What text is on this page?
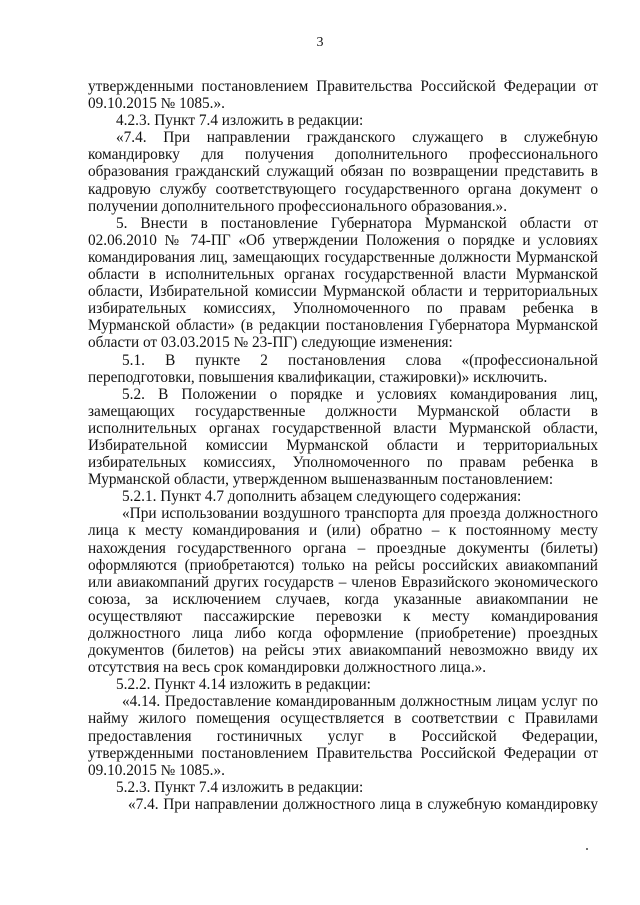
3
утвержденными постановлением Правительства Российской Федерации от
09.10.2015 № 1085.».
4.2.3. Пункт 7.4 изложить в редакции:
«7.4. При направлении гражданского служащего в служебную
командировку для получения дополнительного профессионального
образования гражданский служащий обязан по возвращении представить в
кадровую службу соответствующего государственного органа документ о
получении дополнительного профессионального образования.».
5. Внести в постановление Губернатора Мурманской области от
02.06.2010 № 74-ПГ «Об утверждении Положения о порядке и условиях
командирования лиц, замещающих государственные должности Мурманской
области в исполнительных органах государственной власти Мурманской
области, Избирательной комиссии Мурманской области и территориальных
избирательных комиссиях, Уполномоченного по правам ребенка в
Мурманской области» (в редакции постановления Губернатора Мурманской
области от 03.03.2015 № 23-ПГ) следующие изменения:
5.1. В пункте 2 постановления слова «(профессиональной
переподготовки, повышения квалификации, стажировки)» исключить.
5.2. В Положении о порядке и условиях командирования лиц,
замещающих государственные должности Мурманской области в
исполнительных органах государственной власти Мурманской области,
Избирательной комиссии Мурманской области и территориальных
избирательных комиссиях, Уполномоченного по правам ребенка в
Мурманской области, утвержденном вышеназванным постановлением:
5.2.1. Пункт 4.7 дополнить абзацем следующего содержания:
«При использовании воздушного транспорта для проезда должностного
лица к месту командирования и (или) обратно – к постоянному месту
нахождения государственного органа – проездные документы (билеты)
оформляются (приобретаются) только на рейсы российских авиакомпаний
или авиакомпаний других государств – членов Евразийского экономического
союза, за исключением случаев, когда указанные авиакомпании не
осуществляют пассажирские перевозки к месту командирования
должностного лица либо когда оформление (приобретение) проездных
документов (билетов) на рейсы этих авиакомпаний невозможно ввиду их
отсутствия на весь срок командировки должностного лица.».
5.2.2. Пункт 4.14 изложить в редакции:
«4.14. Предоставление командированным должностным лицам услуг по
найму жилого помещения осуществляется в соответствии с Правилами
предоставления гостиничных услуг в Российской Федерации,
утвержденными постановлением Правительства Российской Федерации от
09.10.2015 № 1085.».
5.2.3. Пункт 7.4 изложить в редакции:
«7.4. При направлении должностного лица в служебную командировку
